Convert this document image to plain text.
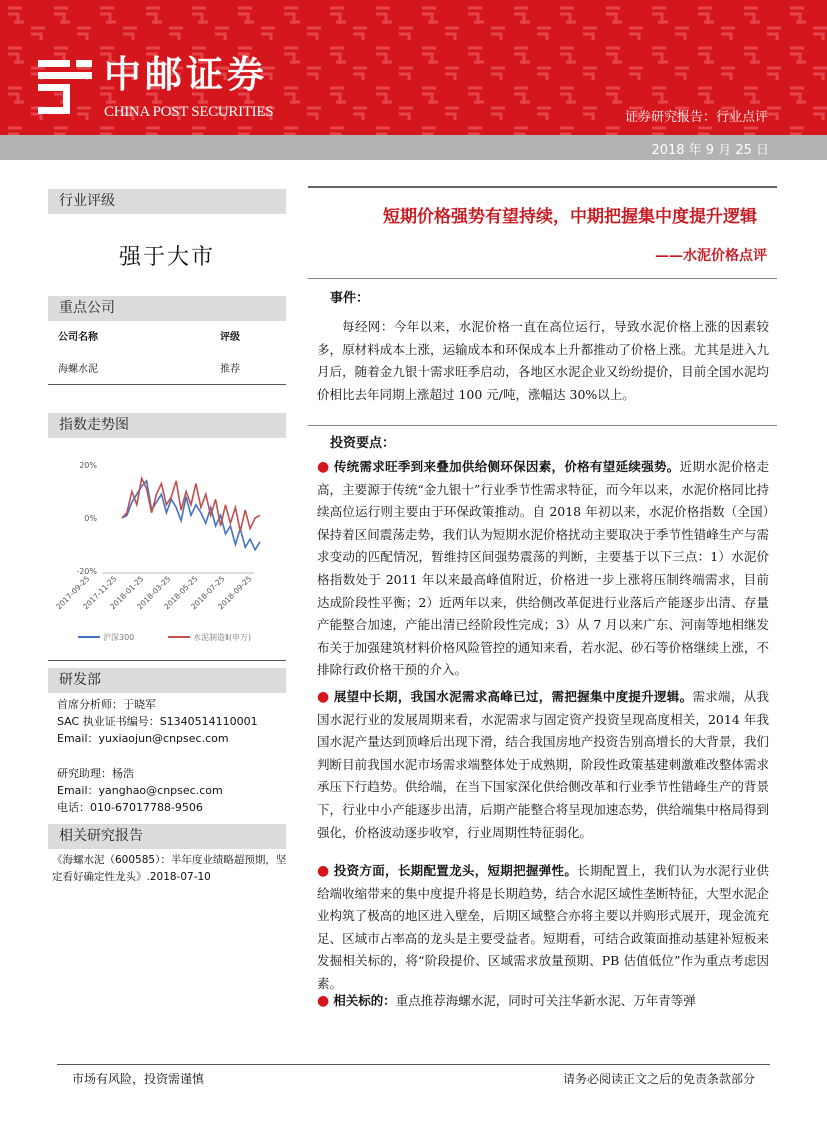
中邮证券
CHINA POST SECURITIES	证券研究报告：行业点评
2018 年 9 月 25 日
行业评级
强于大市
重点公司
公司名称	评级
海螺水泥	推荐
指数走势图
20%
0%
-20%
2017-09-25
2017-11-25
2018-01-25
2018-03-25
2018-05-25
2018-07-25
2018-09-25
沪深300	水泥制造Ⅱ(申万)
研发部
首席分析师：于晓军
SAC 执业证书编号：S1340514110001
Email：yuxiaojun@cnpsec.com
研究助理：杨浩
Email：yanghao@cnpsec.com
电话：010-67017788-9506
相关研究报告
《海螺水泥（600585）：半年度业绩略超预期，坚定看好确定性龙头》.2018-07-10
短期价格强势有望持续，中期把握集中度提升逻辑
——水泥价格点评
事件：

每经网：今年以来，水泥价格一直在高位运行，导致水泥价格上涨的因素较多，原材料成本上涨，运输成本和环保成本上升都推动了价格上涨。尤其是进入九月后，随着金九银十需求旺季启动，各地区水泥企业又纷纷提价，目前全国水泥均价相比去年同期上涨超过 100 元/吨，涨幅达 30%以上。

投资要点：
● 传统需求旺季到来叠加供给侧环保因素，价格有望延续强势。近期水泥价格走高，主要源于传统“金九银十”行业季节性需求特征，而今年以来，水泥价格同比持续高位运行则主要由于环保政策推动。自 2018 年初以来，水泥价格指数（全国）保持着区间震荡走势，我们认为短期水泥价格扰动主要取决于季节性错峰生产与需求变动的匹配情况，暂维持区间强势震荡的判断，主要基于以下三点：1）水泥价格指数处于 2011 年以来最高峰值附近，价格进一步上涨将压制终端需求，目前达成阶段性平衡；2）近两年以来，供给侧改革促进行业落后产能逐步出清、存量产能整合加速，产能出清已经阶段性完成；3）从 7 月以来广东、河南等地相继发布关于加强建筑材料价格风险管控的通知来看，若水泥、砂石等价格继续上涨，不排除行政价格干预的介入。
● 展望中长期，我国水泥需求高峰已过，需把握集中度提升逻辑。需求端，从我国水泥行业的发展周期来看，水泥需求与固定资产投资呈现高度相关，2014 年我国水泥产量达到顶峰后出现下滑，结合我国房地产投资告别高增长的大背景，我们判断目前我国水泥市场需求端整体处于成熟期，阶段性政策基建刺激难改整体需求承压下行趋势。供给端，在当下国家深化供给侧改革和行业季节性错峰生产的背景下，行业中小产能逐步出清，后期产能整合将呈现加速态势，供给端集中格局得到强化，价格波动逐步收窄，行业周期性特征弱化。
● 投资方面，长期配置龙头，短期把握弹性。长期配置上，我们认为水泥行业供给端收缩带来的集中度提升将是长期趋势，结合水泥区域性垄断特征，大型水泥企业构筑了极高的地区进入壁垒，后期区域整合亦将主要以并购形式展开，现金流充足、区域市占率高的龙头是主要受益者。短期看，可结合政策面推动基建补短板来发掘相关标的，将“阶段提价、区域需求放量预期、PB 估值低位”作为重点考虑因素。
● 相关标的：重点推荐海螺水泥，同时可关注华新水泥、万年青等弹
市场有风险，投资需谨慎	请务必阅读正文之后的免责条款部分
